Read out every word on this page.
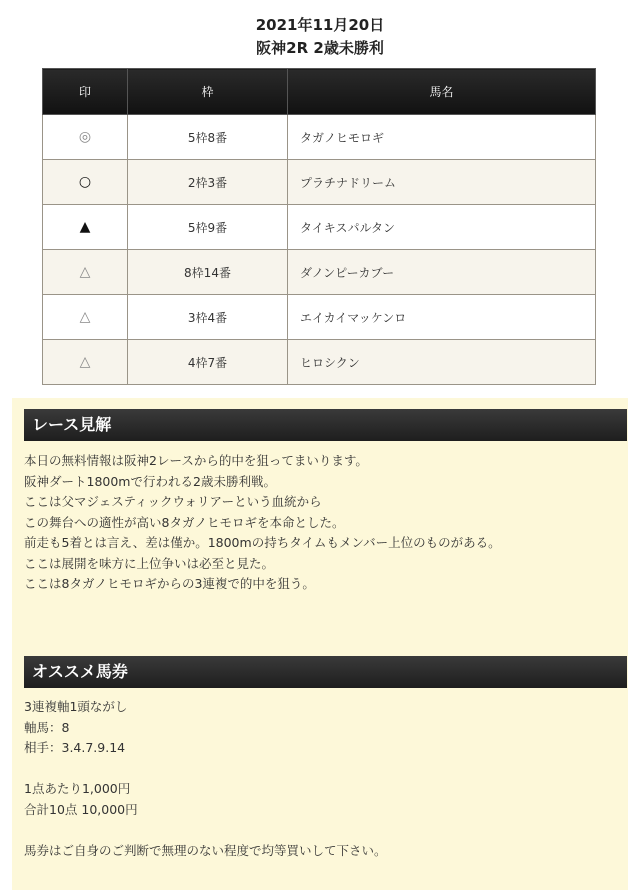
2021年11月20日
阪神2R 2歳未勝利
印	枠	馬名
◎	5枠8番	タガノヒモロギ
○	2枠3番	プラチナドリーム
▲	5枠9番	タイキスパルタン
△	8枠14番	ダノンピーカブー
△	3枠4番	エイカイマッケンロ
△	4枠7番	ヒロシクン
レース見解
本日の無料情報は阪神2レースから的中を狙ってまいります。
阪神ダート1800mで行われる2歳未勝利戦。
ここは父マジェスティックウォリアーという血統から
この舞台への適性が高い8タガノヒモロギを本命とした。
前走も5着とは言え、差は僅か。1800mの持ちタイムもメンバー上位のものがある。
ここは展開を味方に上位争いは必至と見た。
ここは8タガノヒモロギからの3連複で的中を狙う。
オススメ馬券
3連複軸1頭ながし
軸馬：8
相手：3.4.7.9.14
1点あたり1,000円
合計10点 10,000円
馬券はご自身のご判断で無理のない程度で均等買いして下さい。
